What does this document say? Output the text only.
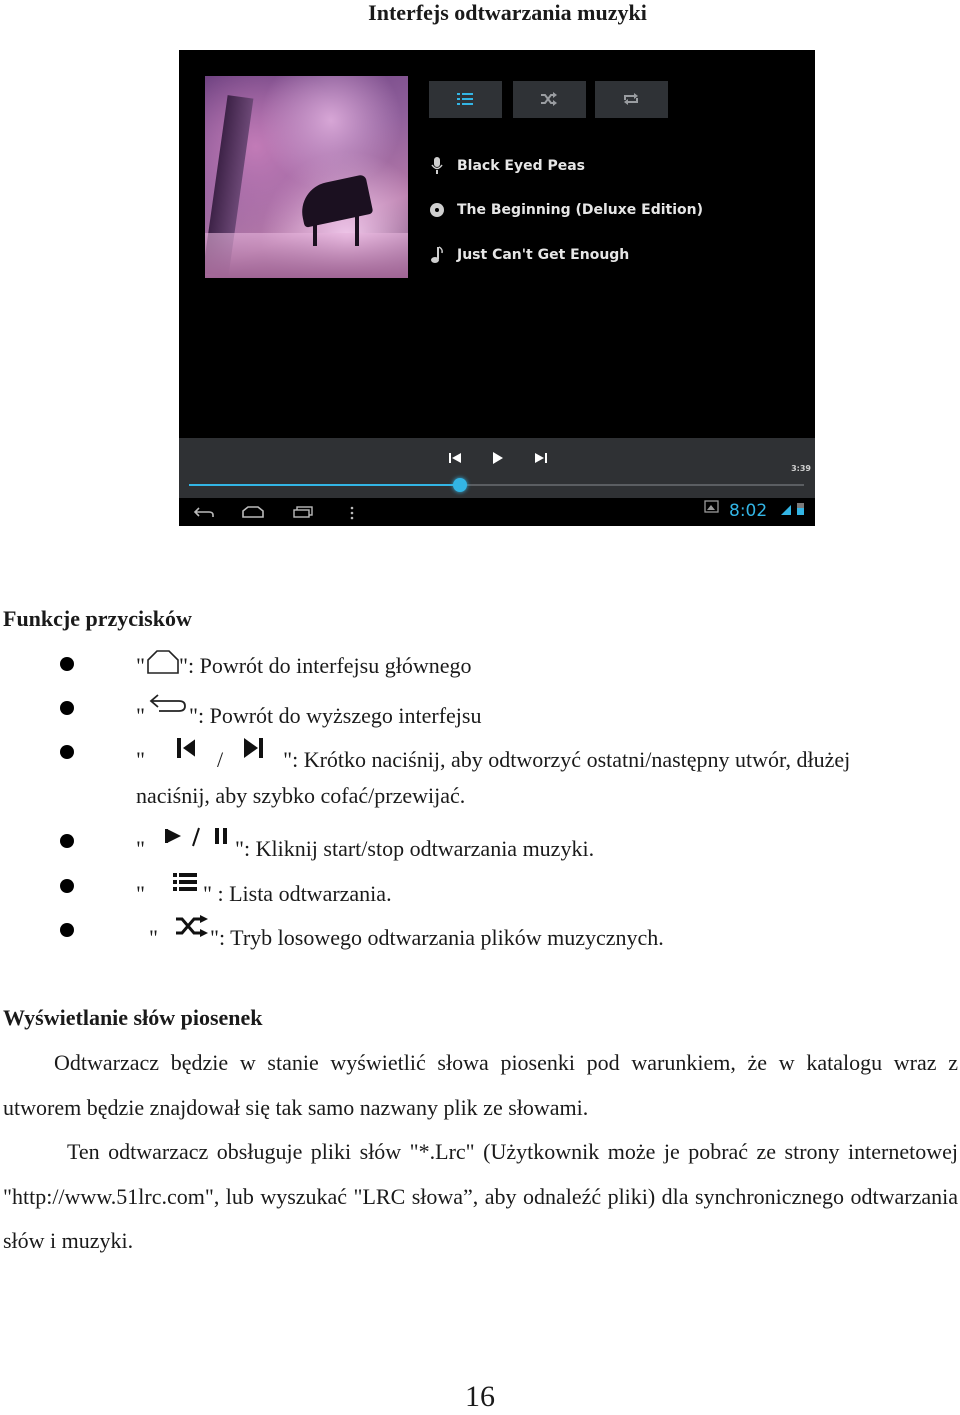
Interfejs odtwarzania muzyki
Black Eyed Peas
The Beginning (Deluxe Edition)
Just Can't Get Enough
3:39
8:02
Funkcje przycisków
" ": Powrót do interfejsu głównego
" ": Powrót do wyższego interfejsu
"	/	": Krótko naciśnij, aby odtworzyć ostatni/następny utwór, dłużej
naciśnij, aby szybko cofać/przewijać.
"	": Kliknij start/stop odtwarzania muzyki.
"	" : Lista odtwarzania.
" ": Tryb losowego odtwarzania plików muzycznych.
Wyświetlanie słów piosenek
Odtwarzacz będzie w stanie wyświetlić słowa piosenki pod warunkiem, że w katalogu wraz z utworem będzie znajdował się tak samo nazwany plik ze słowami.
Ten odtwarzacz obsługuje pliki słów "*.Lrc" (Użytkownik może je pobrać ze strony internetowej "http://www.51lrc.com", lub wyszukać "LRC słowa”, aby odnaleźć pliki) dla synchronicznego odtwarzania słów i muzyki.
16
